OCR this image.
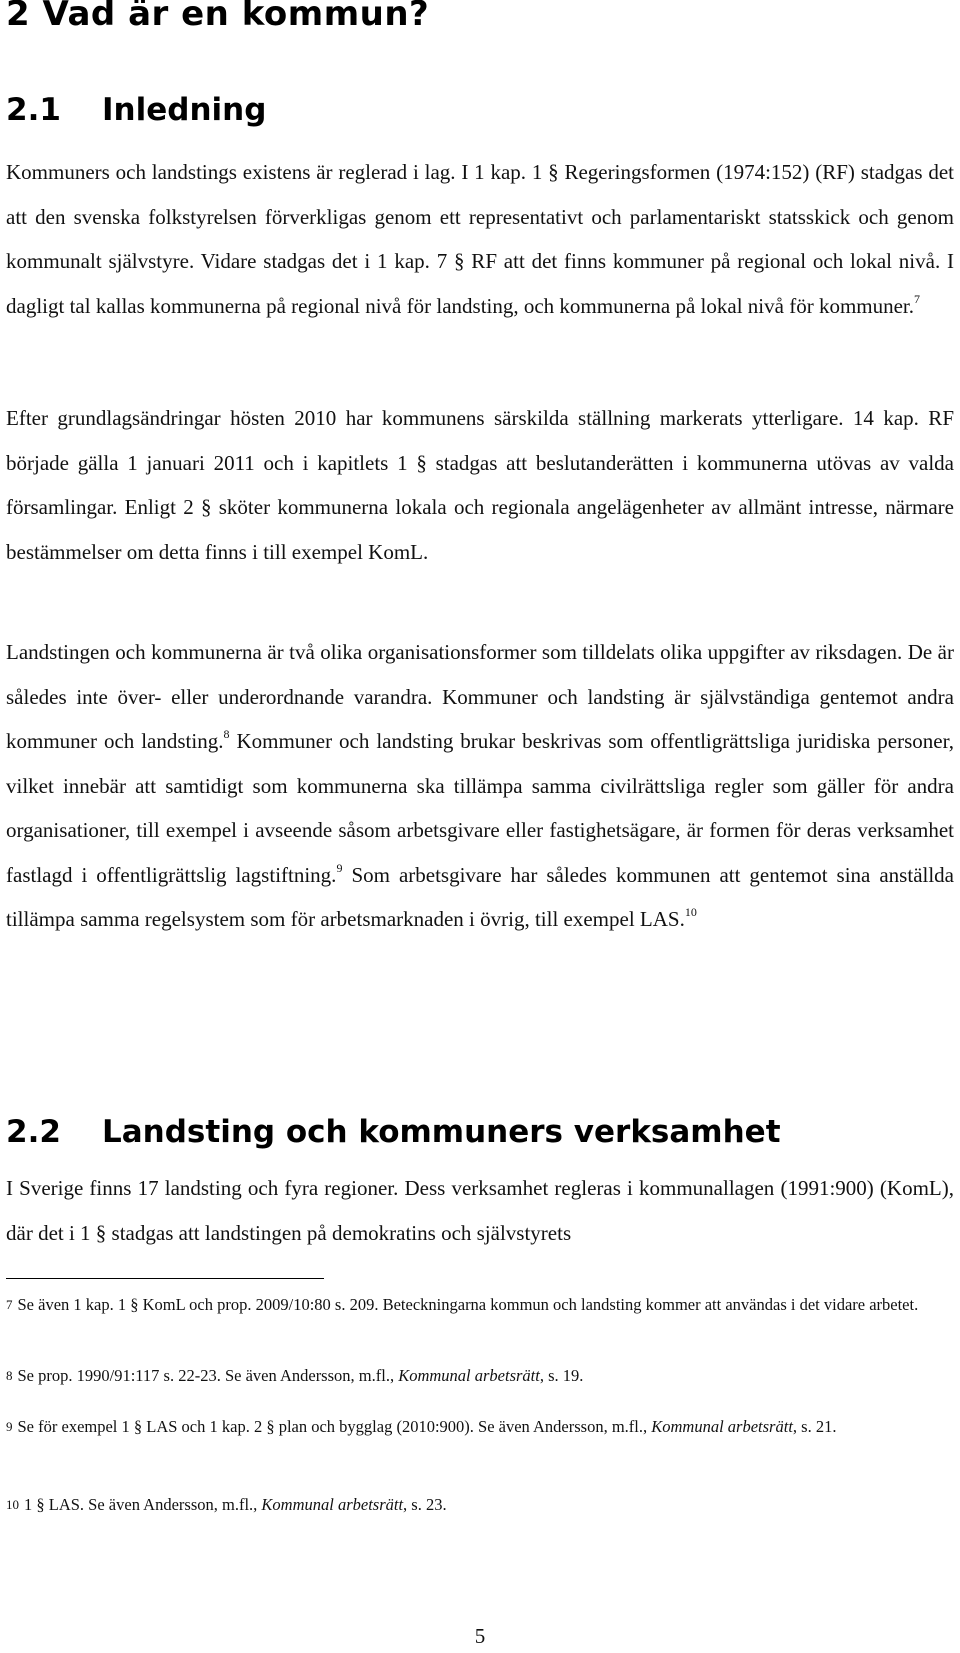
2 Vad är en kommun?
2.1 Inledning

Kommuners och landstings existens är reglerad i lag. I 1 kap. 1 § Regeringsformen (1974:152) (RF) stadgas det att den svenska folkstyrelsen förverkligas genom ett representativt och parlamentariskt statsskick och genom kommunalt självstyre. Vidare stadgas det i 1 kap. 7 § RF att det finns kommuner på regional och lokal nivå. I dagligt tal kallas kommunerna på regional nivå för landsting, och kommunerna på lokal nivå för kommuner.$^7$

Efter grundlagsändringar hösten 2010 har kommunens särskilda ställning markerats ytterligare. 14 kap. RF började gälla 1 januari 2011 och i kapitlets 1 § stadgas att beslutanderätten i kommunerna utövas av valda församlingar. Enligt 2 § sköter kommunerna lokala och regionala angelägenheter av allmänt intresse, närmare bestämmelser om detta finns i till exempel KomL.

Landstingen och kommunerna är två olika organisationsformer som tilldelats olika uppgifter av riksdagen. De är således inte över- eller underordnande varandra. Kommuner och landsting är självständiga gentemot andra kommuner och landsting.$^8$ Kommuner och landsting brukar beskrivas som offentligrättsliga juridiska personer, vilket innebär att samtidigt som kommunerna ska tillämpa samma civilrättsliga regler som gäller för andra organisationer, till exempel i avseende såsom arbetsgivare eller fastighetsägare, är formen för deras verksamhet fastlagd i offentligrättslig lagstiftning.$^9$ Som arbetsgivare har således kommunen att gentemot sina anställda tillämpa samma regelsystem som för arbetsmarknaden i övrig, till exempel LAS.$^{10}$

2.2 Landsting och kommuners verksamhet

I Sverige finns 17 landsting och fyra regioner. Dess verksamhet regleras i kommunallagen (1991:900) (KomL), där det i 1 § stadgas att landstingen på demokratins och självstyrets

7 Se även 1 kap. 1 § KomL och prop. 2009/10:80 s. 209. Beteckningarna kommun och landsting kommer att användas i det vidare arbetet.

8 Se prop. 1990/91:117 s. 22-23. Se även Andersson, m.fl., Kommunal arbetsrätt, s. 19.

9 Se för exempel 1 § LAS och 1 kap. 2 § plan och bygglag (2010:900). Se även Andersson, m.fl., Kommunal arbetsrätt, s. 21.

10 1 § LAS. Se även Andersson, m.fl., Kommunal arbetsrätt, s. 23.

5
